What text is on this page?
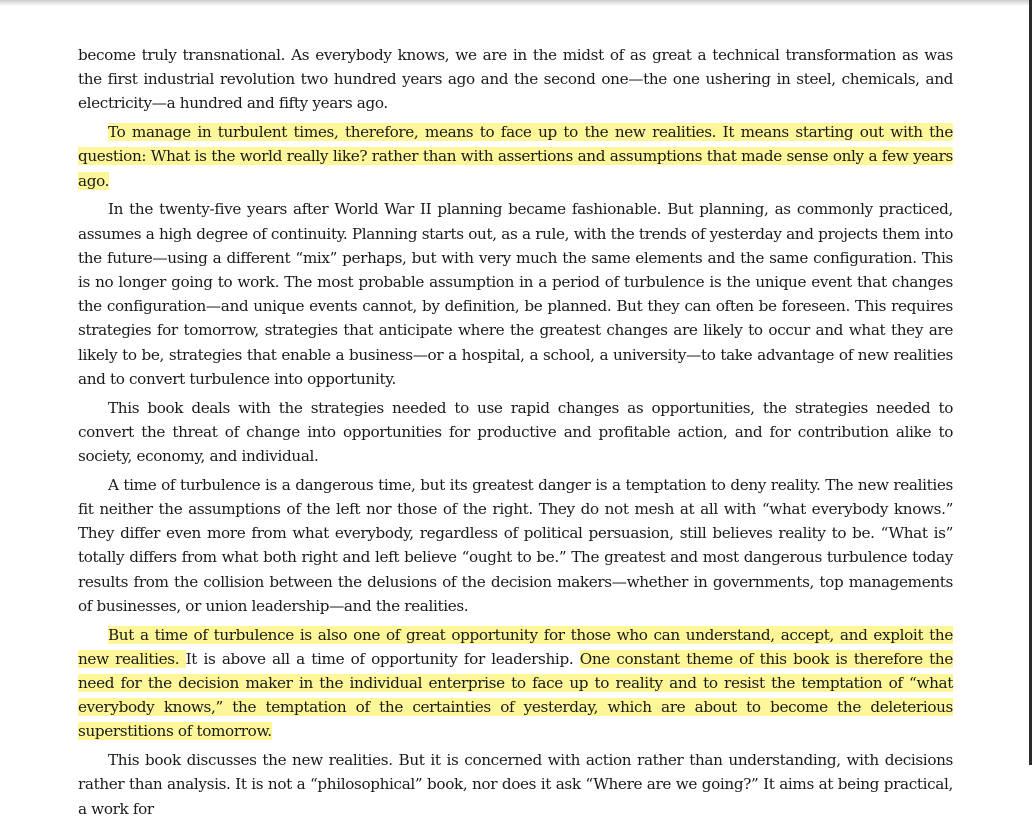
become truly transnational. As everybody knows, we are in the midst of as great a technical transformation as was the first industrial revolution two hundred years ago and the second one—the one ushering in steel, chemicals, and electricity—a hundred and fifty years ago.

To manage in turbulent times, therefore, means to face up to the new realities. It means starting out with the question: What is the world really like? rather than with assertions and assumptions that made sense only a few years ago.

In the twenty-five years after World War II planning became fashionable. But planning, as commonly practiced, assumes a high degree of continuity. Planning starts out, as a rule, with the trends of yesterday and projects them into the future—using a different “mix” perhaps, but with very much the same elements and the same configuration. This is no longer going to work. The most probable assumption in a period of turbulence is the unique event that changes the configuration—and unique events cannot, by definition, be planned. But they can often be foreseen. This requires strategies for tomorrow, strategies that anticipate where the greatest changes are likely to occur and what they are likely to be, strategies that enable a business—or a hospital, a school, a university—to take advantage of new realities and to convert turbulence into opportunity.

This book deals with the strategies needed to use rapid changes as opportunities, the strategies needed to convert the threat of change into opportunities for productive and profitable action, and for contribution alike to society, economy, and individual.

A time of turbulence is a dangerous time, but its greatest danger is a temptation to deny reality. The new realities fit neither the assumptions of the left nor those of the right. They do not mesh at all with “what everybody knows.” They differ even more from what everybody, regardless of political persuasion, still believes reality to be. “What is” totally differs from what both right and left believe “ought to be.” The greatest and most dangerous turbulence today results from the collision between the delusions of the decision makers—whether in governments, top managements of businesses, or union leadership—and the realities.

But a time of turbulence is also one of great opportunity for those who can understand, accept, and exploit the new realities. It is above all a time of opportunity for leadership. One constant theme of this book is therefore the need for the decision maker in the individual enterprise to face up to reality and to resist the temptation of “what everybody knows,” the temptation of the certainties of yesterday, which are about to become the deleterious superstitions of tomorrow.

This book discusses the new realities. But it is concerned with action rather than understanding, with decisions rather than analysis. It is not a “philosophical” book, nor does it ask “Where are we going?” It aims at being practical, a work for
